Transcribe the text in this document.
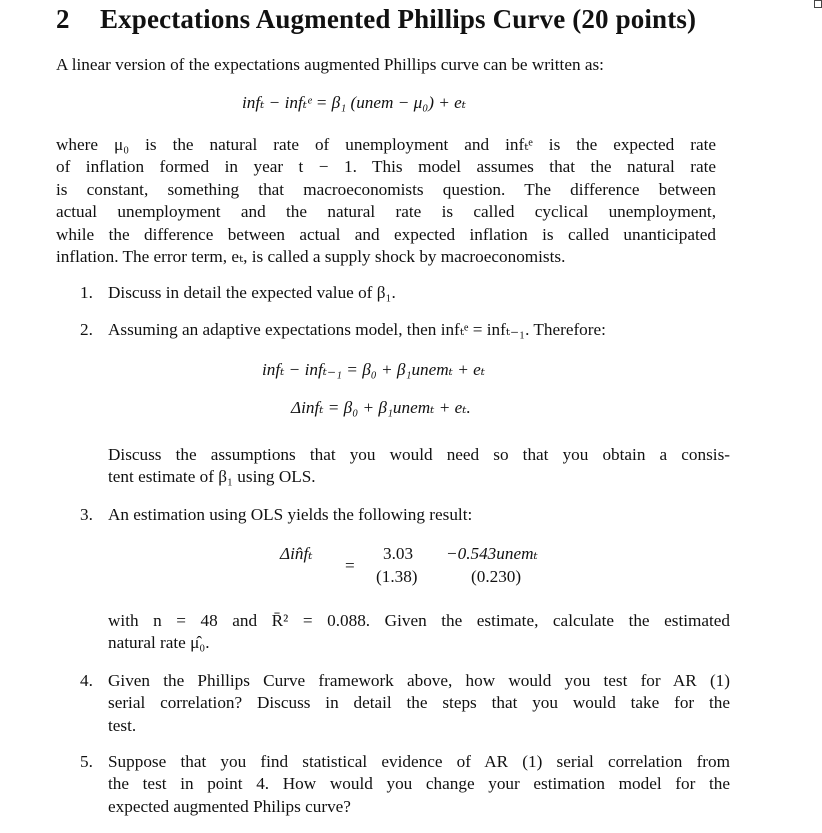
2 Expectations Augmented Phillips Curve (20 points)
A linear version of the expectations augmented Phillips curve can be written as:
infₜ − infₜᵉ = β₁ (unem − μ₀) + eₜ
where μ₀ is the natural rate of unemployment and infₜᵉ is the expected rate
of inflation formed in year t − 1. This model assumes that the natural rate
is constant, something that macroeconomists question. The difference between
actual unemployment and the natural rate is called cyclical unemployment,
while the difference between actual and expected inflation is called unanticipated
inflation. The error term, eₜ, is called a supply shock by macroeconomists.
1. Discuss in detail the expected value of β₁.
2. Assuming an adaptive expectations model, then infₜᵉ = infₜ₋₁. Therefore:
infₜ − infₜ₋₁ = β₀ + β₁unemₜ + eₜ
Δinfₜ = β₀ + β₁unemₜ + eₜ.
Discuss the assumptions that you would need so that you obtain a consis-
tent estimate of β₁ using OLS.
3. An estimation using OLS yields the following result:
Δin̂fₜ
=
3.03
(1.38)
−0.543unemₜ
(0.230)
with n = 48 and R̄² = 0.088. Given the estimate, calculate the estimated
natural rate μ̂₀.
4. Given the Phillips Curve framework above, how would you test for AR (1)
serial correlation? Discuss in detail the steps that you would take for the
test.
5. Suppose that you find statistical evidence of AR (1) serial correlation from
the test in point 4. How would you change your estimation model for the
expected augmented Philips curve?
